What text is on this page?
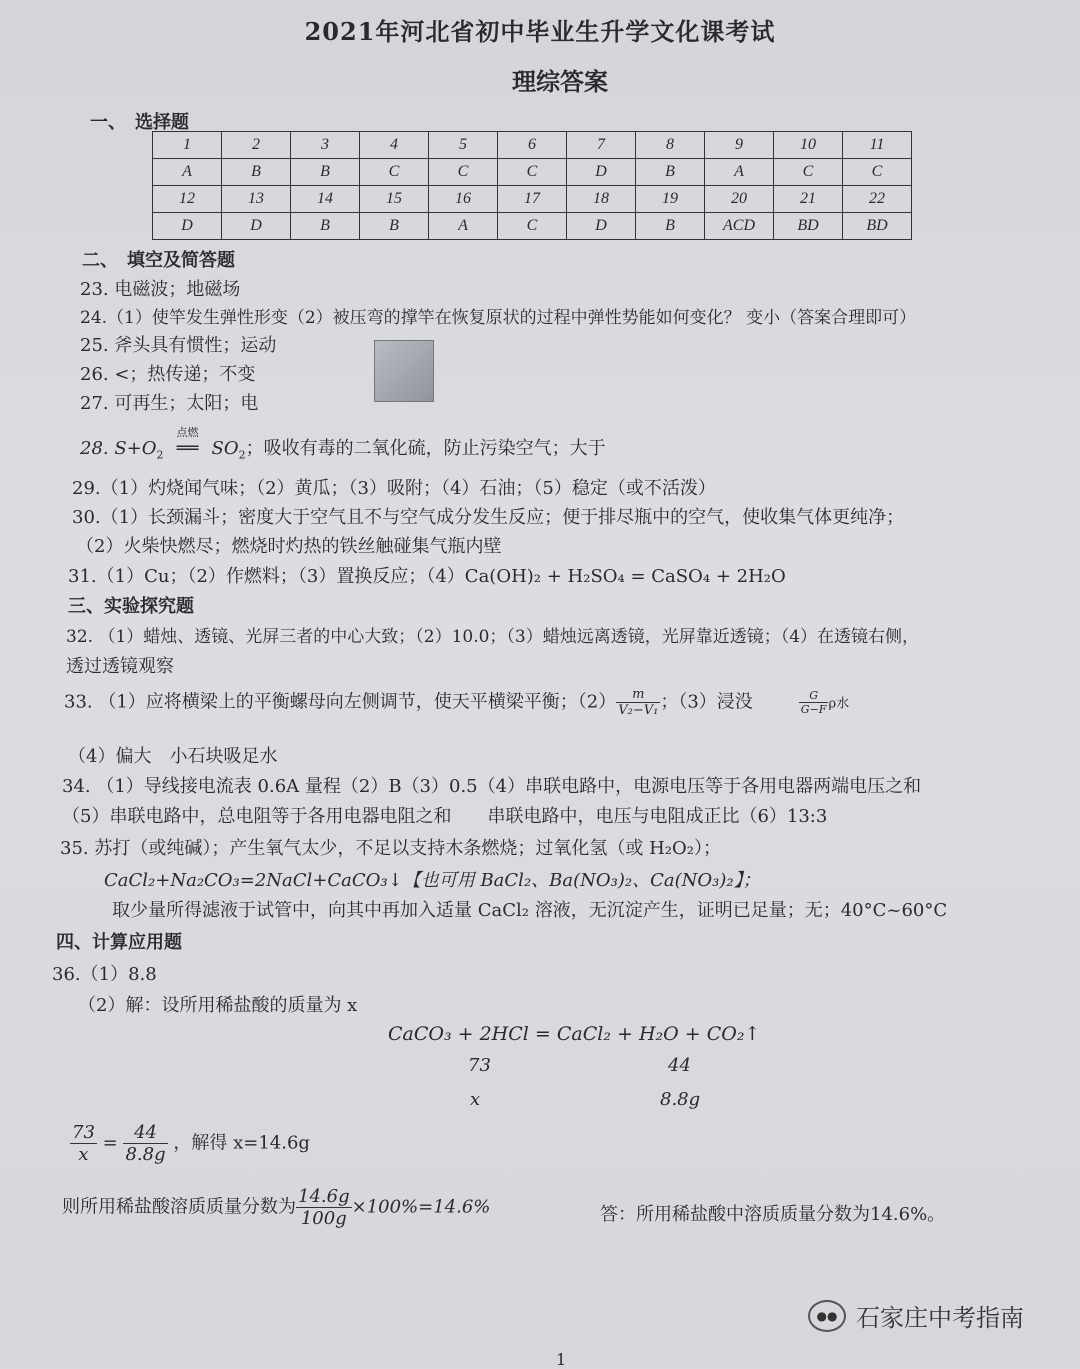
2021年河北省初中毕业生升学文化课考试
理综答案
一、　选择题
1	2	3	4	5	6	7	8	9	10	11
A	B	B	C	C	C	D	B	A	C	C
12	13	14	15	16	17	18	19	20	21	22
D	D	B	B	A	C	D	B	ACD	BD	BD
二、　填空及简答题
23. 电磁波；地磁场
24.（1）使竿发生弹性形变（2）被压弯的撑竿在恢复原状的过程中弹性势能如何变化？ 变小（答案合理即可）
25. 斧头具有惯性；运动
26. <；热传递；不变
27. 可再生；太阳；电
28. $S+O_2$
点燃
══ $SO_2$；吸收有毒的二氧化硫，防止污染空气；大于
29.（1）灼烧闻气味；（2）黄瓜；（3）吸附；（4）石油；（5）稳定（或不活泼）
30.（1）长颈漏斗；密度大于空气且不与空气成分发生反应；便于排尽瓶中的空气，使收集气体更纯净；
（2）火柴快燃尽；燃烧时灼热的铁丝触碰集气瓶内壁
31.（1）Cu；（2）作燃料；（3）置换反应；（4）Ca(OH)₂ + H₂SO₄ = CaSO₄ + 2H₂O
三、实验探究题
32. （1）蜡烛、透镜、光屏三者的中心大致；（2）10.0；（3）蜡烛远离透镜，光屏靠近透镜；（4）在透镜右侧，
透过透镜观察
33. （1）应将横梁上的平衡螺母向左侧调节，使天平横梁平衡；$(2) \frac{m}{\text{V₂−V₁}}$ ；（3）浸没	$\frac{G}{G-F}$ ρ水
（4）偏大　小石块吸足水
34. （1）导线接电流表 0.6A 量程（2）B（3）0.5（4）串联电路中，电源电压等于各用电器两端电压之和
（5）串联电路中，总电阻等于各用电器电阻之和　　串联电路中，电压与电阻成正比（6）13:3
35. 苏打（或纯碱）；产生氧气太少，不足以支持木条燃烧；过氧化氢（或 H₂O₂）；
CaCl₂+Na₂CO₃=2NaCl+CaCO₃↓【也可用 BaCl₂、Ba(NO₃)₂、Ca(NO₃)₂】；
取少量所得滤液于试管中，向其中再加入适量 CaCl₂ 溶液，无沉淀产生，证明已足量；无；40°C~60°C
四、计算应用题
36.（1）8.8
（2）解：设所用稀盐酸的质量为 x
CaCO₃ + 2HCl = CaCl₂ + H₂O + CO₂↑
73	44
x	8.8g
$\frac{73}{x} = \frac{44}{8.8g}$ ，解得 x=14.6g
则所用稀盐酸溶质质量分数为 $\frac{14.6g}{100g} \times 100\%=14.6\%$	答：所用稀盐酸中溶质质量分数为14.6%。
●● 石家庄中考指南
1
